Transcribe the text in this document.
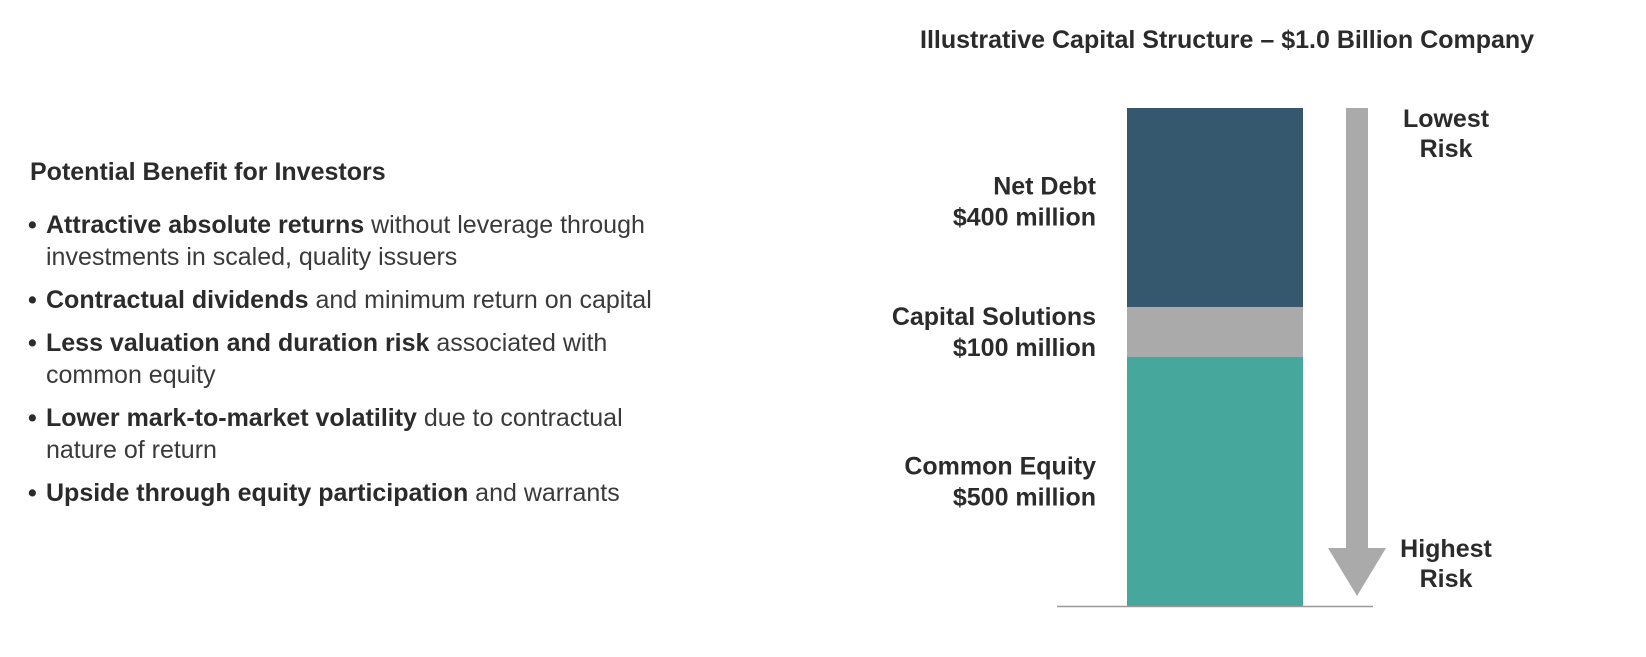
Potential Benefit for Investors
• Attractive absolute returns without leverage through investments in scaled, quality issuers
• Contractual dividends and minimum return on capital
• Less valuation and duration risk associated with common equity
• Lower mark-to-market volatility due to contractual nature of return
• Upside through equity participation and warrants
Illustrative Capital Structure – $1.0 Billion Company
Net Debt
$400 million
Capital Solutions
$100 million
Common Equity
$500 million
Lowest
Risk
Highest
Risk
